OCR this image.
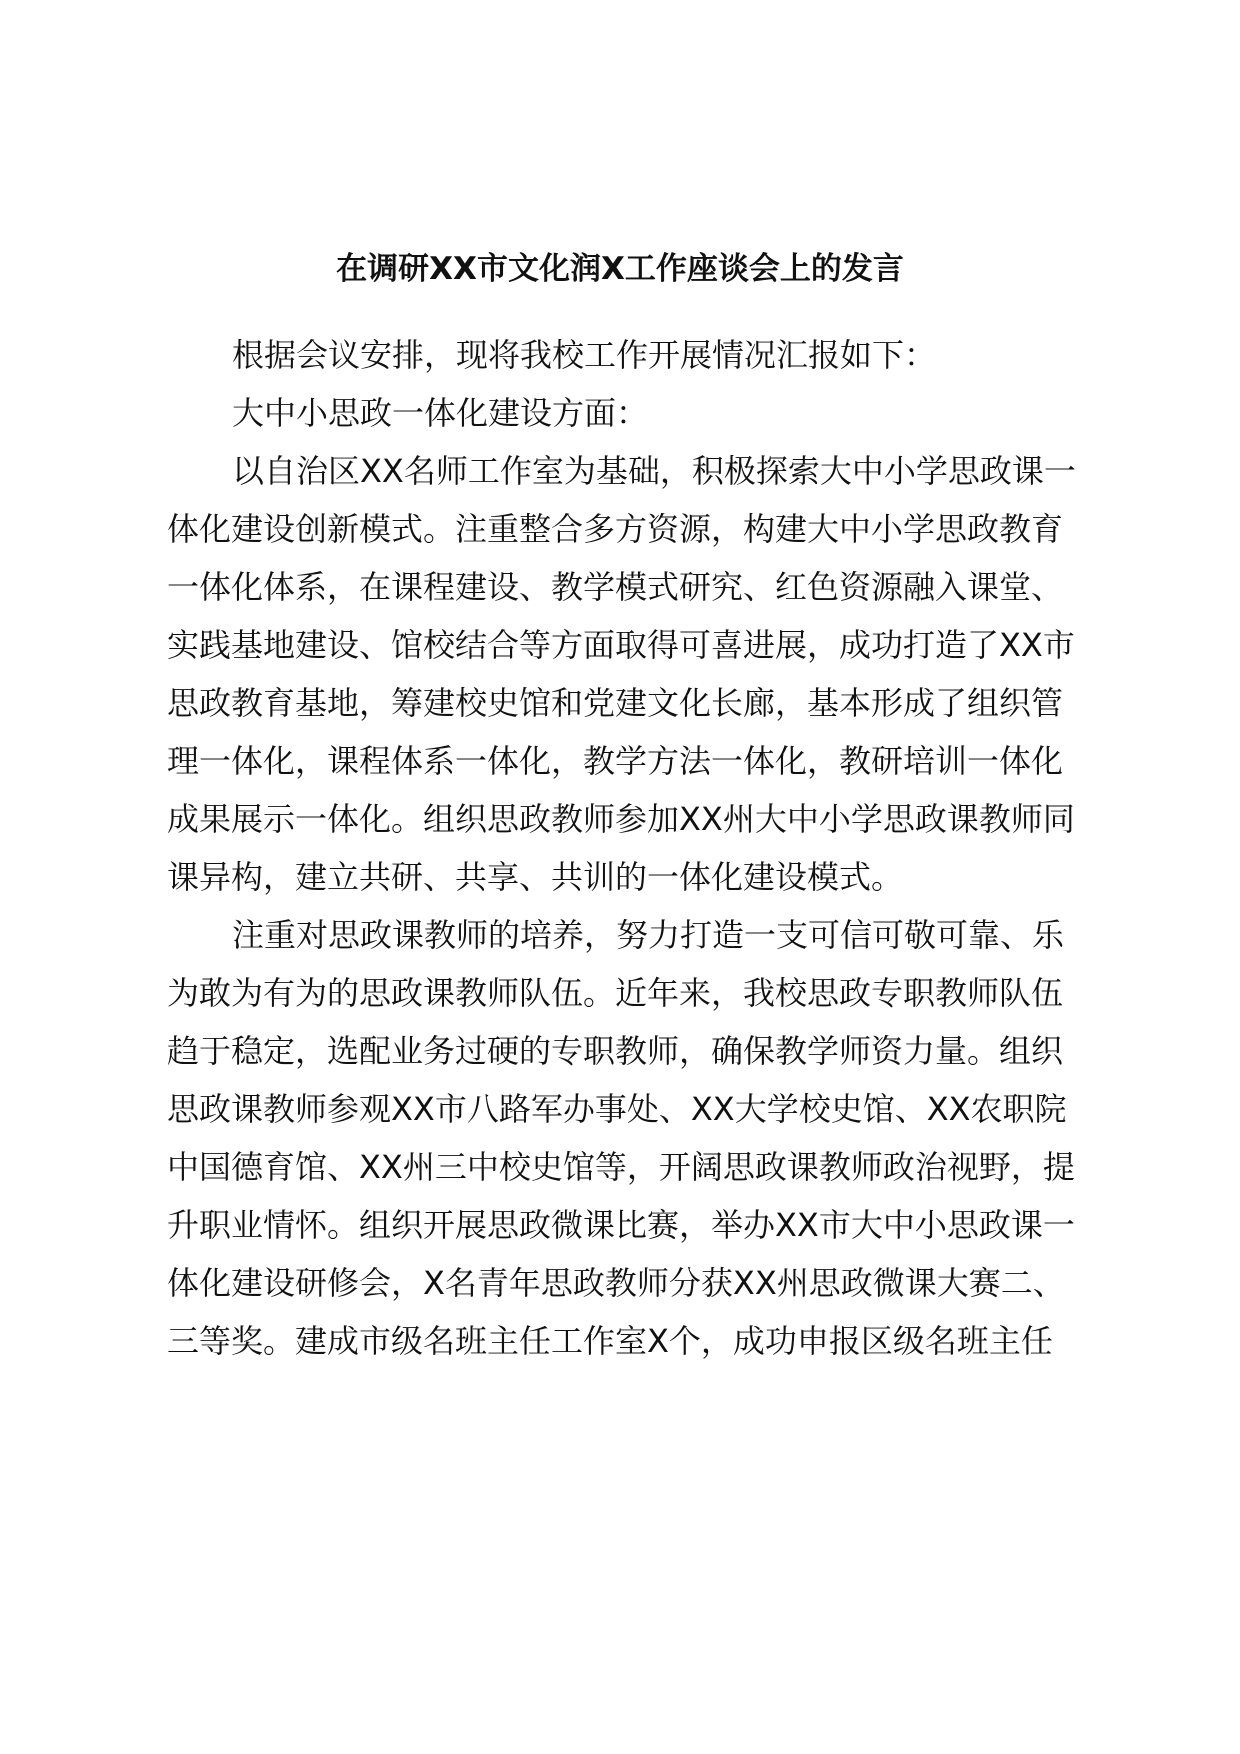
在调研XX市文化润X工作座谈会上的发言

根据会议安排，现将我校工作开展情况汇报如下：

大中小思政一体化建设方面：

以自治区XX名师工作室为基础，积极探索大中小学思政课一

体化建设创新模式。注重整合多方资源，构建大中小学思政教育

一体化体系，在课程建设、教学模式研究、红色资源融入课堂、

实践基地建设、馆校结合等方面取得可喜进展，成功打造了XX市

思政教育基地，筹建校史馆和党建文化长廊，基本形成了组织管

理一体化，课程体系一体化，教学方法一体化，教研培训一体化

成果展示一体化。组织思政教师参加XX州大中小学思政课教师同

课异构，建立共研、共享、共训的一体化建设模式。

注重对思政课教师的培养，努力打造一支可信可敬可靠、乐

为敢为有为的思政课教师队伍。近年来，我校思政专职教师队伍

趋于稳定，选配业务过硬的专职教师，确保教学师资力量。组织

思政课教师参观XX市八路军办事处、XX大学校史馆、XX农职院

中国德育馆、XX州三中校史馆等，开阔思政课教师政治视野，提

升职业情怀。组织开展思政微课比赛，举办XX市大中小思政课一

体化建设研修会，X名青年思政教师分获XX州思政微课大赛二、

三等奖。建成市级名班主任工作室X个，成功申报区级名班主任
